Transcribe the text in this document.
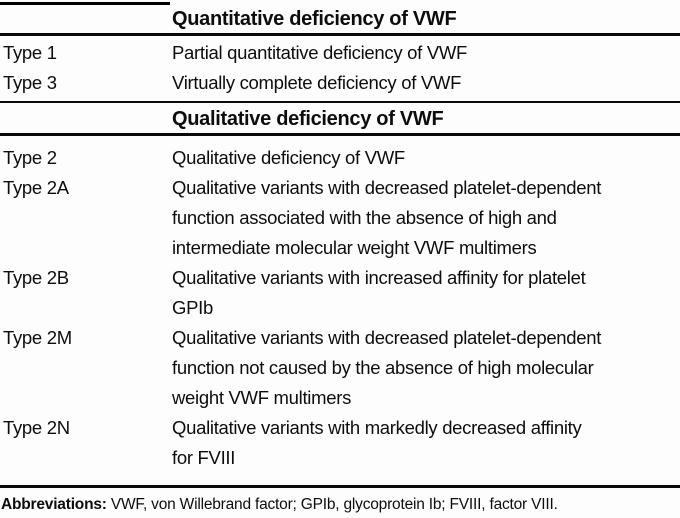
Quantitative deficiency of VWF
Type 1	Partial quantitative deficiency of VWF
Type 3	Virtually complete deficiency of VWF
Qualitative deficiency of VWF
Type 2	Qualitative deficiency of VWF
Type 2A	Qualitative variants with decreased platelet-dependent
function associated with the absence of high and
intermediate molecular weight VWF multimers
Type 2B	Qualitative variants with increased affinity for platelet
GPIb
Type 2M	Qualitative variants with decreased platelet-dependent
function not caused by the absence of high molecular
weight VWF multimers
Type 2N	Qualitative variants with markedly decreased affinity
for FVIII
Abbreviations: VWF, von Willebrand factor; GPIb, glycoprotein Ib; FVIII, factor VIII.
